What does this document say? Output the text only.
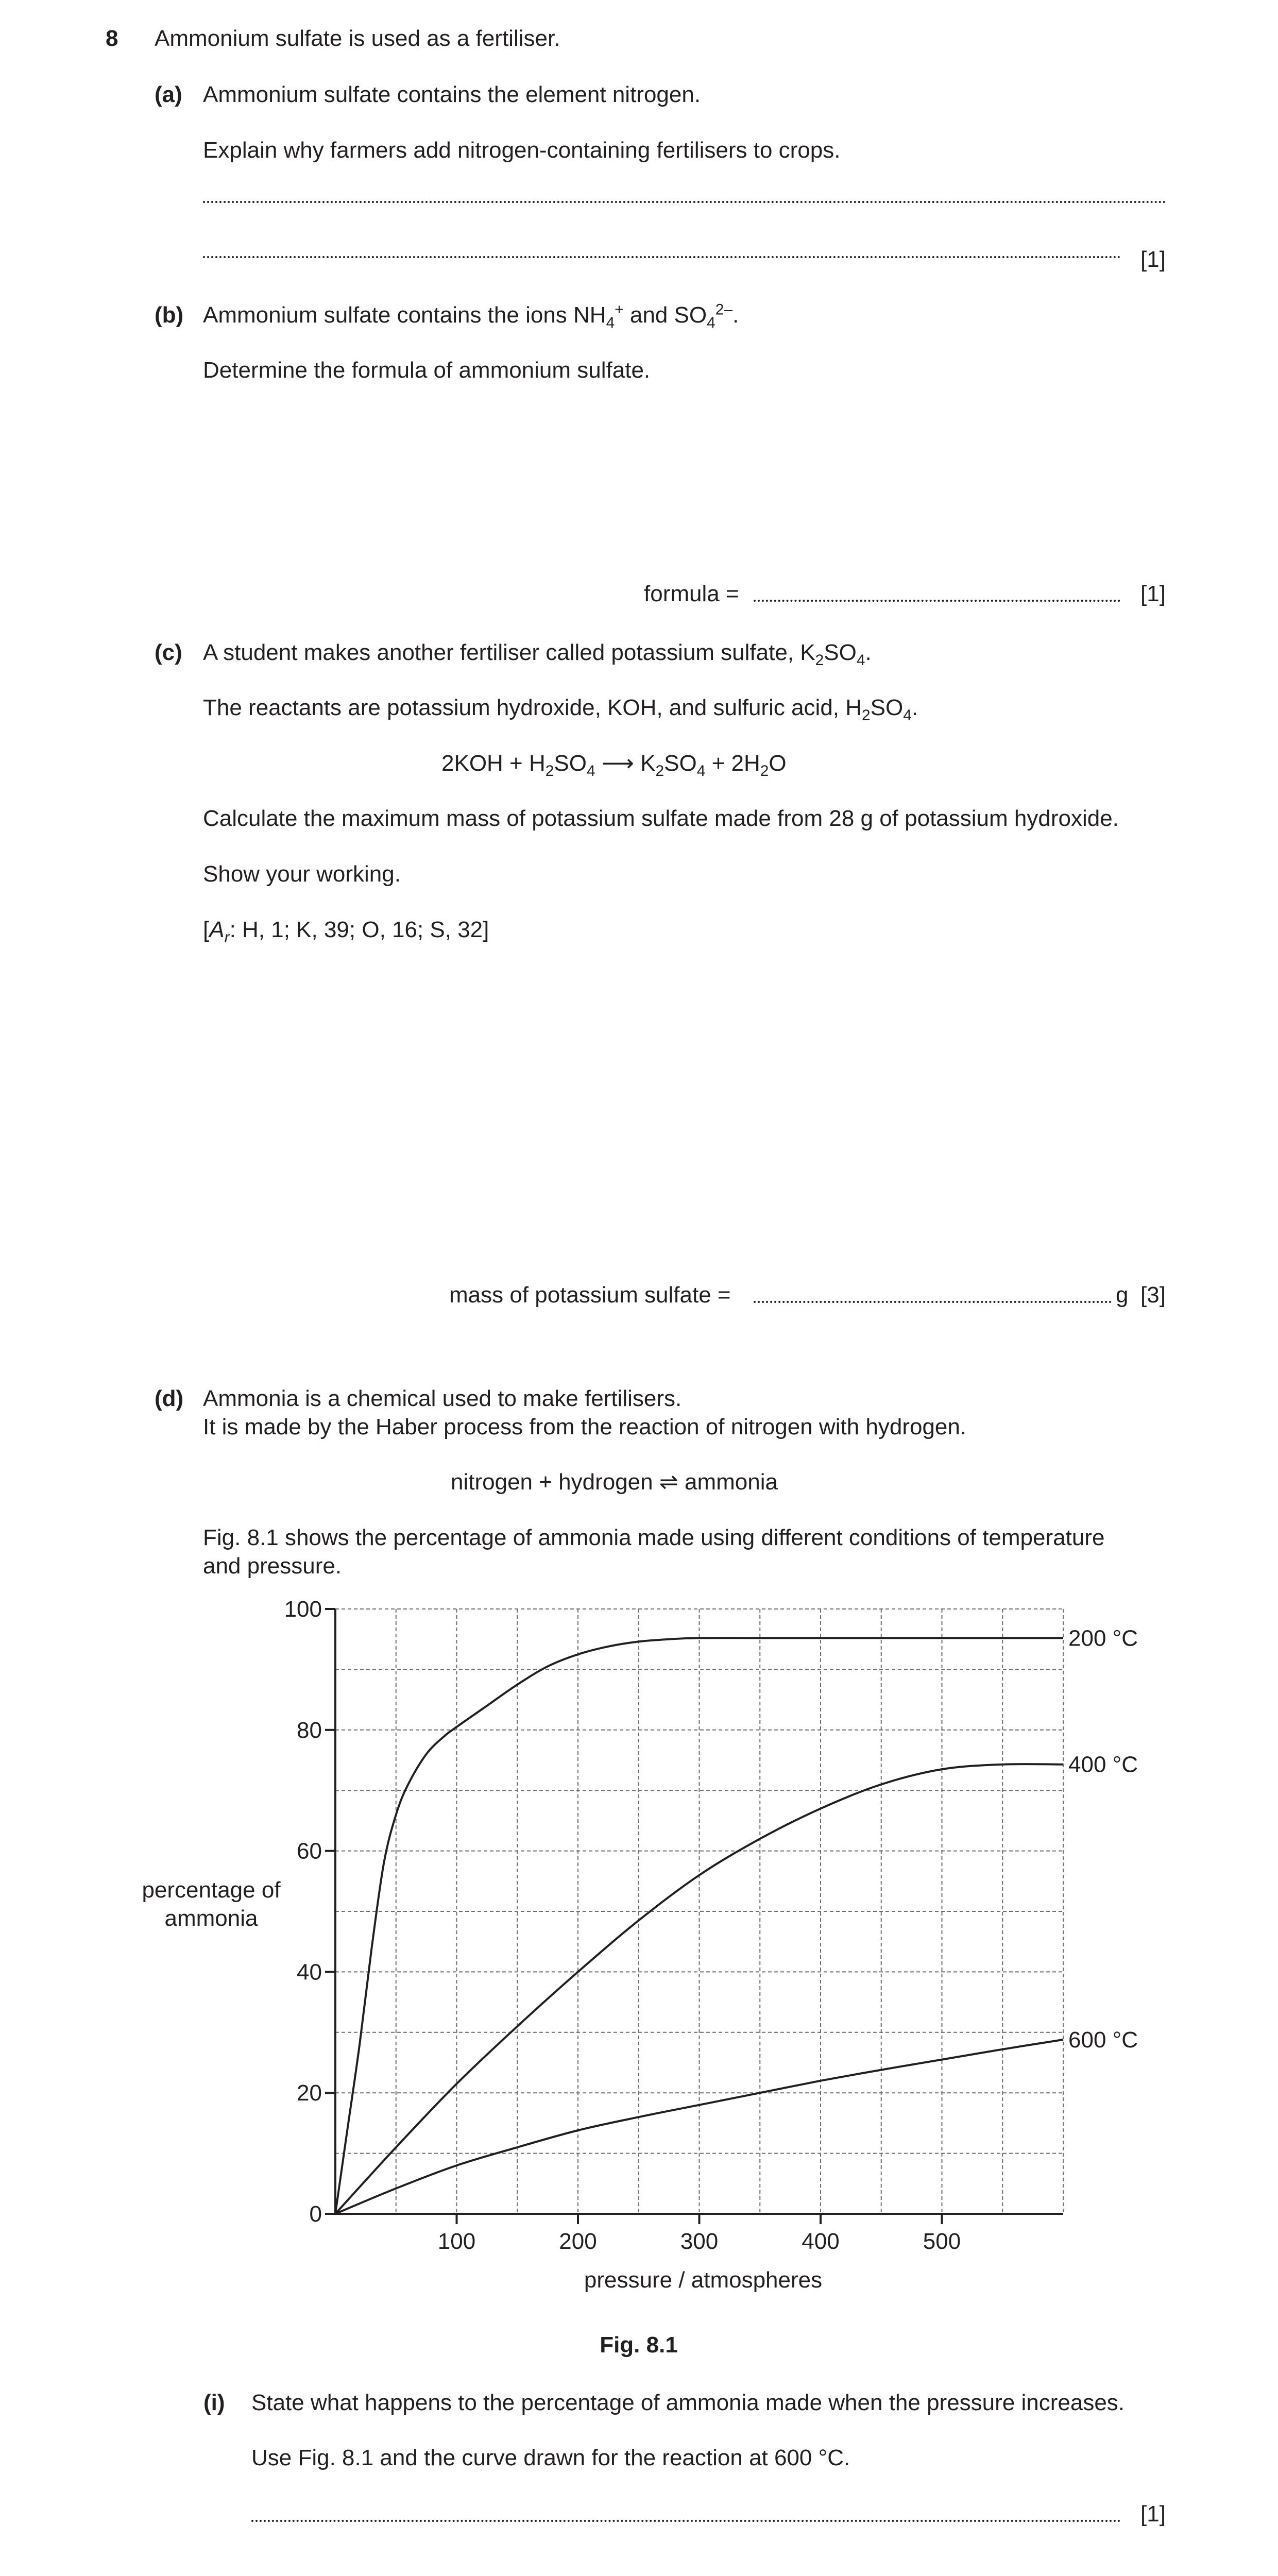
8 Ammonium sulfate is used as a fertiliser.
(a) Ammonium sulfate contains the element nitrogen.
Explain why farmers add nitrogen-containing fertilisers to crops.
[1]
(b) Ammonium sulfate contains the ions $NH_4^+$ and $SO_4^{2-}$.
Determine the formula of ammonium sulfate.
formula =	[1]
(c) A student makes another fertiliser called potassium sulfate, $K_2SO_4$.
The reactants are potassium hydroxide, KOH, and sulfuric acid, $H_2SO_4$.
$2KOH + H_2SO_4$ ⟶ $K_2SO_4 + 2H_2O$
Calculate the maximum mass of potassium sulfate made from 28 g of potassium hydroxide.
Show your working.
[$A_r$: H, 1; K, 39; O, 16; S, 32]
mass of potassium sulfate =	g [3]
(d) Ammonia is a chemical used to make fertilisers.
It is made by the Haber process from the reaction of nitrogen with hydrogen.
nitrogen + hydrogen ⇌ ammonia
Fig. 8.1 shows the percentage of ammonia made using different conditions of temperature
and pressure.
0
20
40
60
80
100
100	200	300	400	500
200 °C
400 °C
600 °C
percentage of
ammonia
pressure / atmospheres
Fig. 8.1
(i) State what happens to the percentage of ammonia made when the pressure increases.
Use Fig. 8.1 and the curve drawn for the reaction at 600 °C.
[1]
